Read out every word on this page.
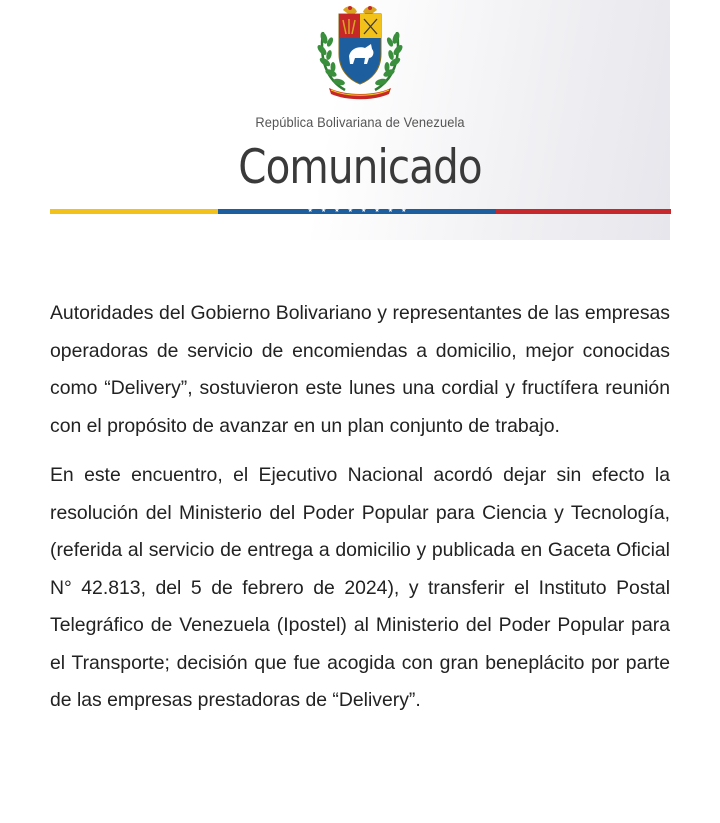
República Bolivariana de Venezuela
Comunicado
★ ★ ★ ★ ★ ★ ★ ★

Autoridades del Gobierno Bolivariano y representantes de las empresas operadoras de servicio de encomiendas a domicilio, mejor conocidas como “Delivery”, sostuvieron este lunes una cordial y fructífera reunión con el propósito de avanzar en un plan conjunto de trabajo.

En este encuentro, el Ejecutivo Nacional acordó dejar sin efecto la resolución del Ministerio del Poder Popular para Ciencia y Tecnología, (referida al servicio de entrega a domicilio y publicada en Gaceta Oficial N° 42.813, del 5 de febrero de 2024), y transferir el Instituto Postal Telegráfico de Venezuela (Ipostel) al Ministerio del Poder Popular para el Transporte; decisión que fue acogida con gran beneplácito por parte de las empresas prestadoras de “Delivery”.
